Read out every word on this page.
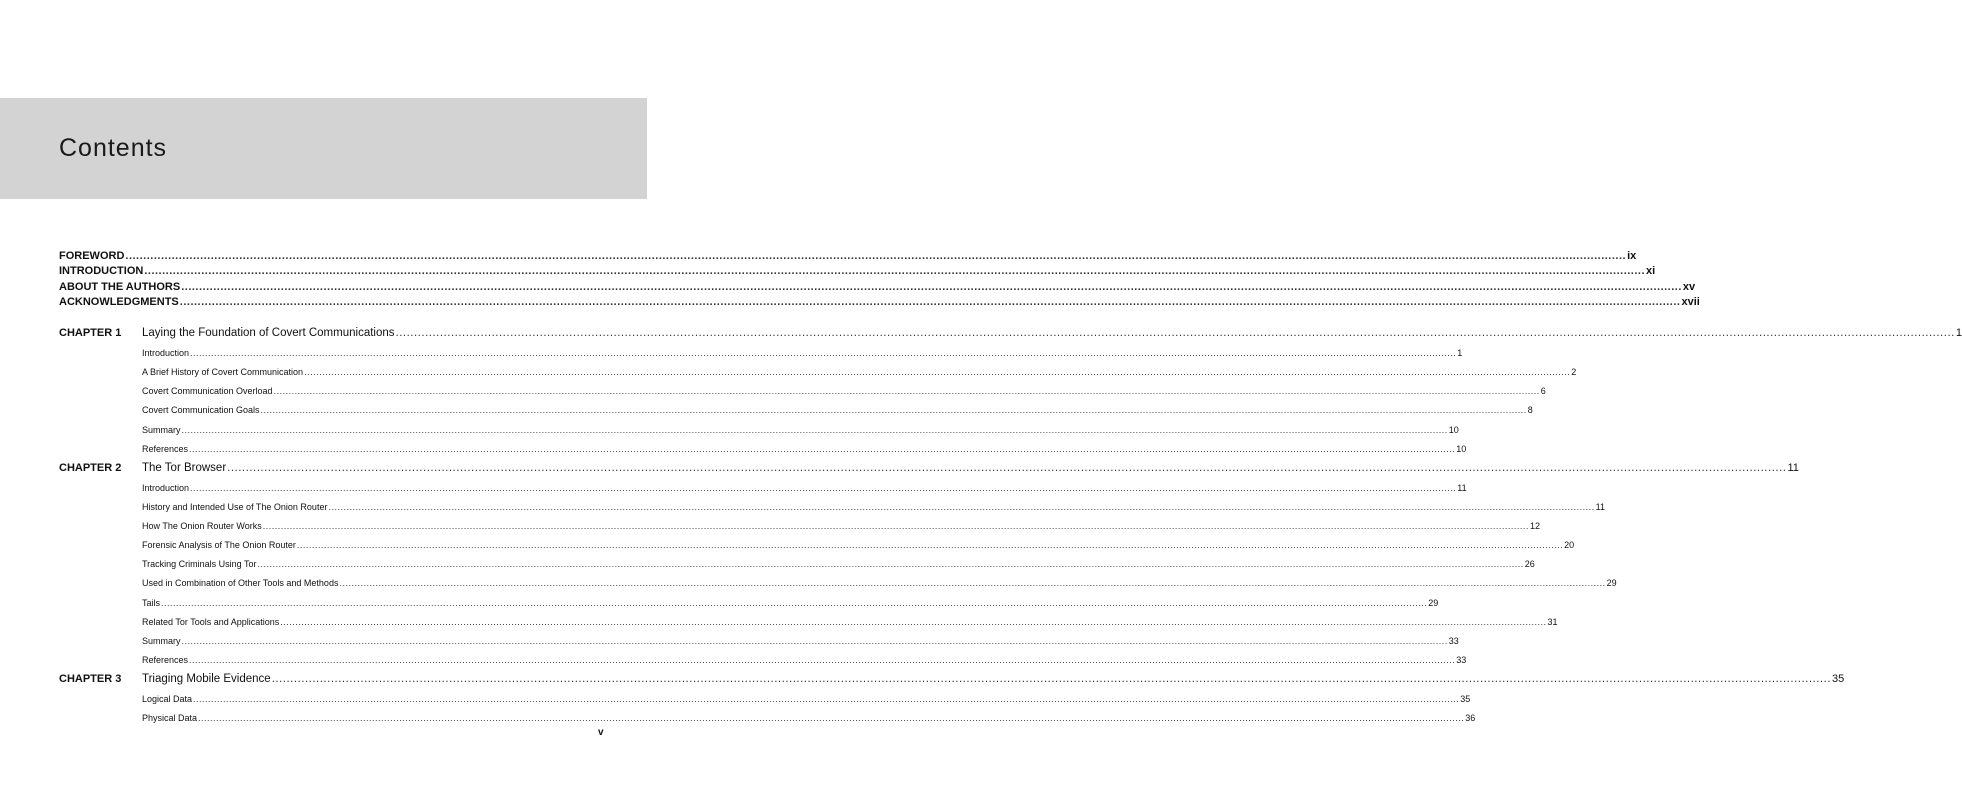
Contents
FOREWORD ...................................................................................................................................................................................................................................................................................................................................................................................................................................... ix
INTRODUCTION ...................................................................................................................................................................................................................................................................................................................................................................................................................................... xi
ABOUT THE AUTHORS ...................................................................................................................................................................................................................................................................................................................................................................................................................................... xv
ACKNOWLEDGMENTS ...................................................................................................................................................................................................................................................................................................................................................................................................................................... xvii
CHAPTER 1 Laying the Foundation of Covert Communications ...................................................................................................................................................................................................................................................................................................................................................................................................................................... 1
Introduction ...................................................................................................................................................................................................................................................................................................................................................................................................................................... 1
A Brief History of Covert Communication ...................................................................................................................................................................................................................................................................................................................................................................................................................................... 2
Covert Communication Overload ...................................................................................................................................................................................................................................................................................................................................................................................................................................... 6
Covert Communication Goals ...................................................................................................................................................................................................................................................................................................................................................................................................................................... 8
Summary ...................................................................................................................................................................................................................................................................................................................................................................................................................................... 10
References ...................................................................................................................................................................................................................................................................................................................................................................................................................................... 10
CHAPTER 2 The Tor Browser ...................................................................................................................................................................................................................................................................................................................................................................................................................................... 11
Introduction ...................................................................................................................................................................................................................................................................................................................................................................................................................................... 11
History and Intended Use of The Onion Router ...................................................................................................................................................................................................................................................................................................................................................................................................................................... 11
How The Onion Router Works ...................................................................................................................................................................................................................................................................................................................................................................................................................................... 12
Forensic Analysis of The Onion Router ...................................................................................................................................................................................................................................................................................................................................................................................................................................... 20
Tracking Criminals Using Tor ...................................................................................................................................................................................................................................................................................................................................................................................................................................... 26
Used in Combination of Other Tools and Methods ...................................................................................................................................................................................................................................................................................................................................................................................................................................... 29
Tails ...................................................................................................................................................................................................................................................................................................................................................................................................................................... 29
Related Tor Tools and Applications ...................................................................................................................................................................................................................................................................................................................................................................................................................................... 31
Summary ...................................................................................................................................................................................................................................................................................................................................................................................................................................... 33
References ...................................................................................................................................................................................................................................................................................................................................................................................................................................... 33
CHAPTER 3 Triaging Mobile Evidence ...................................................................................................................................................................................................................................................................................................................................................................................................................................... 35
Logical Data ...................................................................................................................................................................................................................................................................................................................................................................................................................................... 35
Physical Data ...................................................................................................................................................................................................................................................................................................................................................................................................................................... 36
v
